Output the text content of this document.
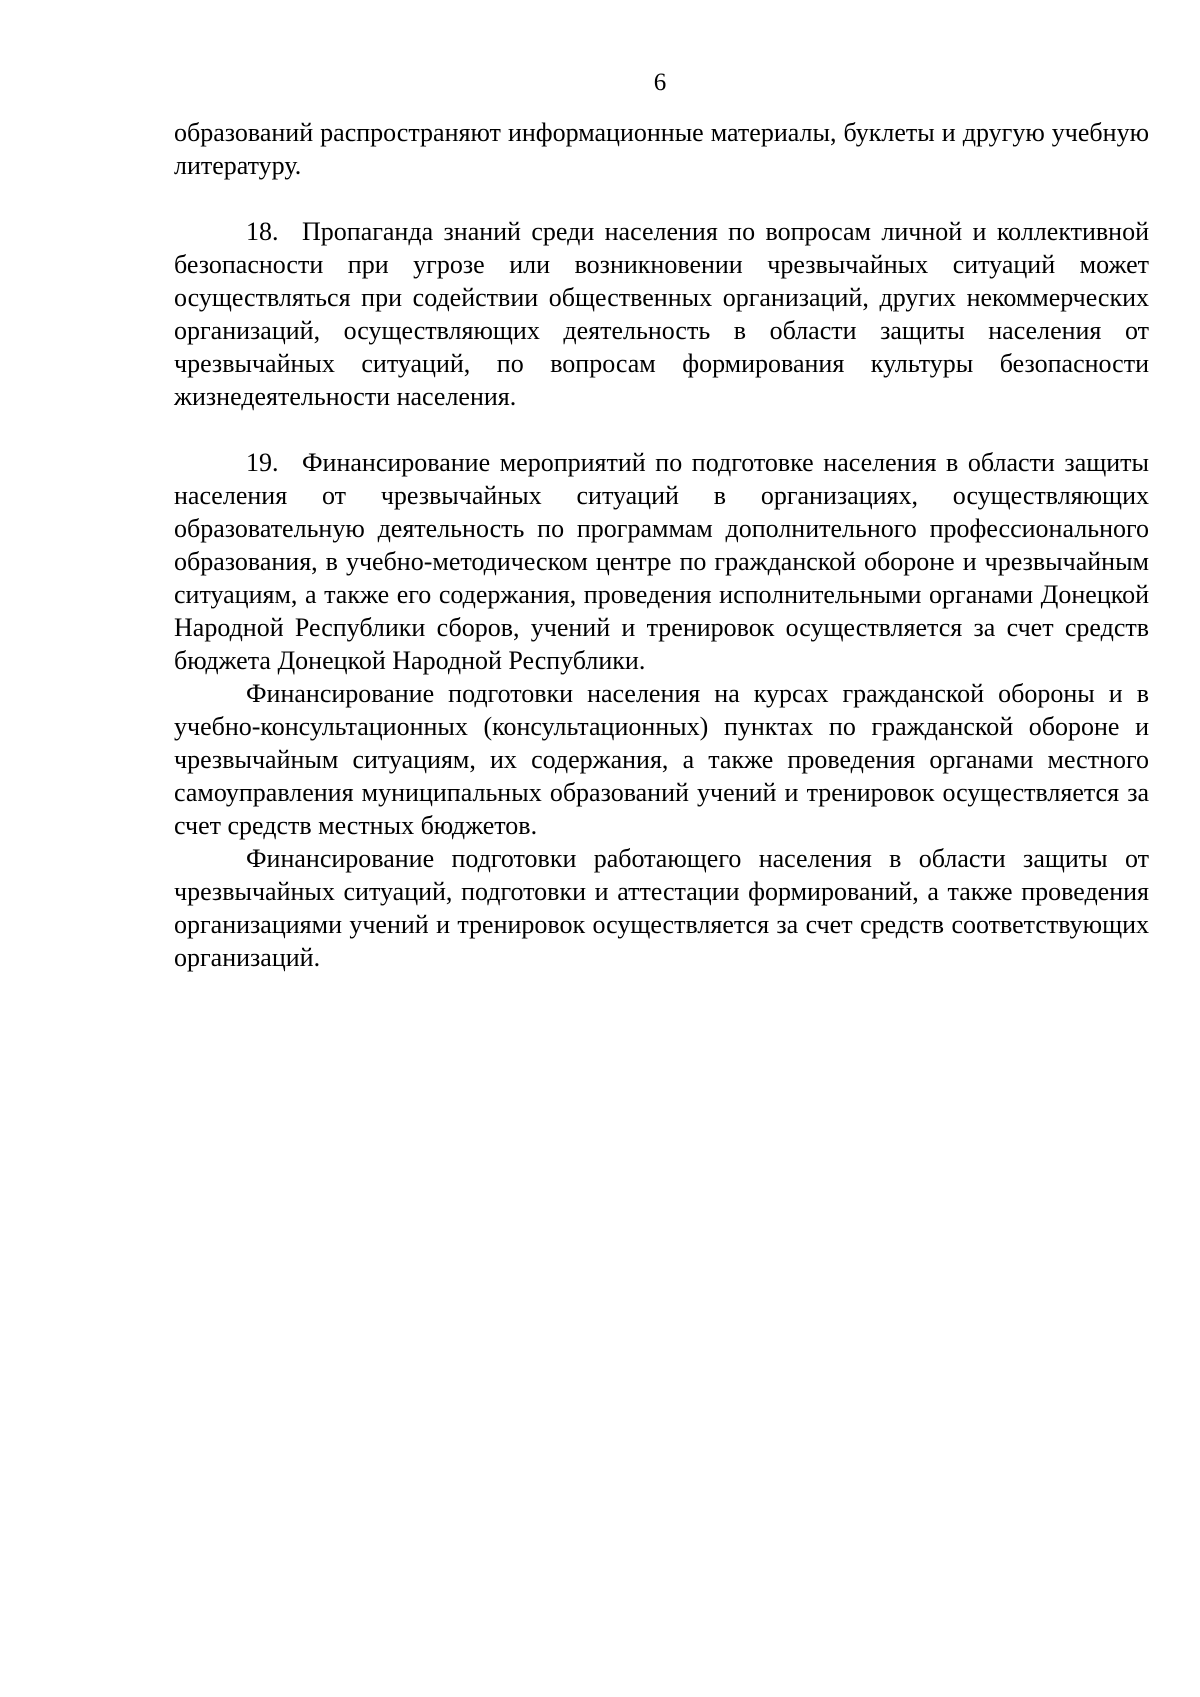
6

образований распространяют информационные материалы, буклеты и другую учебную литературу.

18. Пропаганда знаний среди населения по вопросам личной и коллективной безопасности при угрозе или возникновении чрезвычайных ситуаций может осуществляться при содействии общественных организаций, других некоммерческих организаций, осуществляющих деятельность в области защиты населения от чрезвычайных ситуаций, по вопросам формирования культуры безопасности жизнедеятельности населения.

19. Финансирование мероприятий по подготовке населения в области защиты населения от чрезвычайных ситуаций в организациях, осуществляющих образовательную деятельность по программам дополнительного профессионального образования, в учебно-методическом центре по гражданской обороне и чрезвычайным ситуациям, а также его содержания, проведения исполнительными органами Донецкой Народной Республики сборов, учений и тренировок осуществляется за счет средств бюджета Донецкой Народной Республики.

Финансирование подготовки населения на курсах гражданской обороны и в учебно-консультационных (консультационных) пунктах по гражданской обороне и чрезвычайным ситуациям, их содержания, а также проведения органами местного самоуправления муниципальных образований учений и тренировок осуществляется за счет средств местных бюджетов.

Финансирование подготовки работающего населения в области защиты от чрезвычайных ситуаций, подготовки и аттестации формирований, а также проведения организациями учений и тренировок осуществляется за счет средств соответствующих организаций.
